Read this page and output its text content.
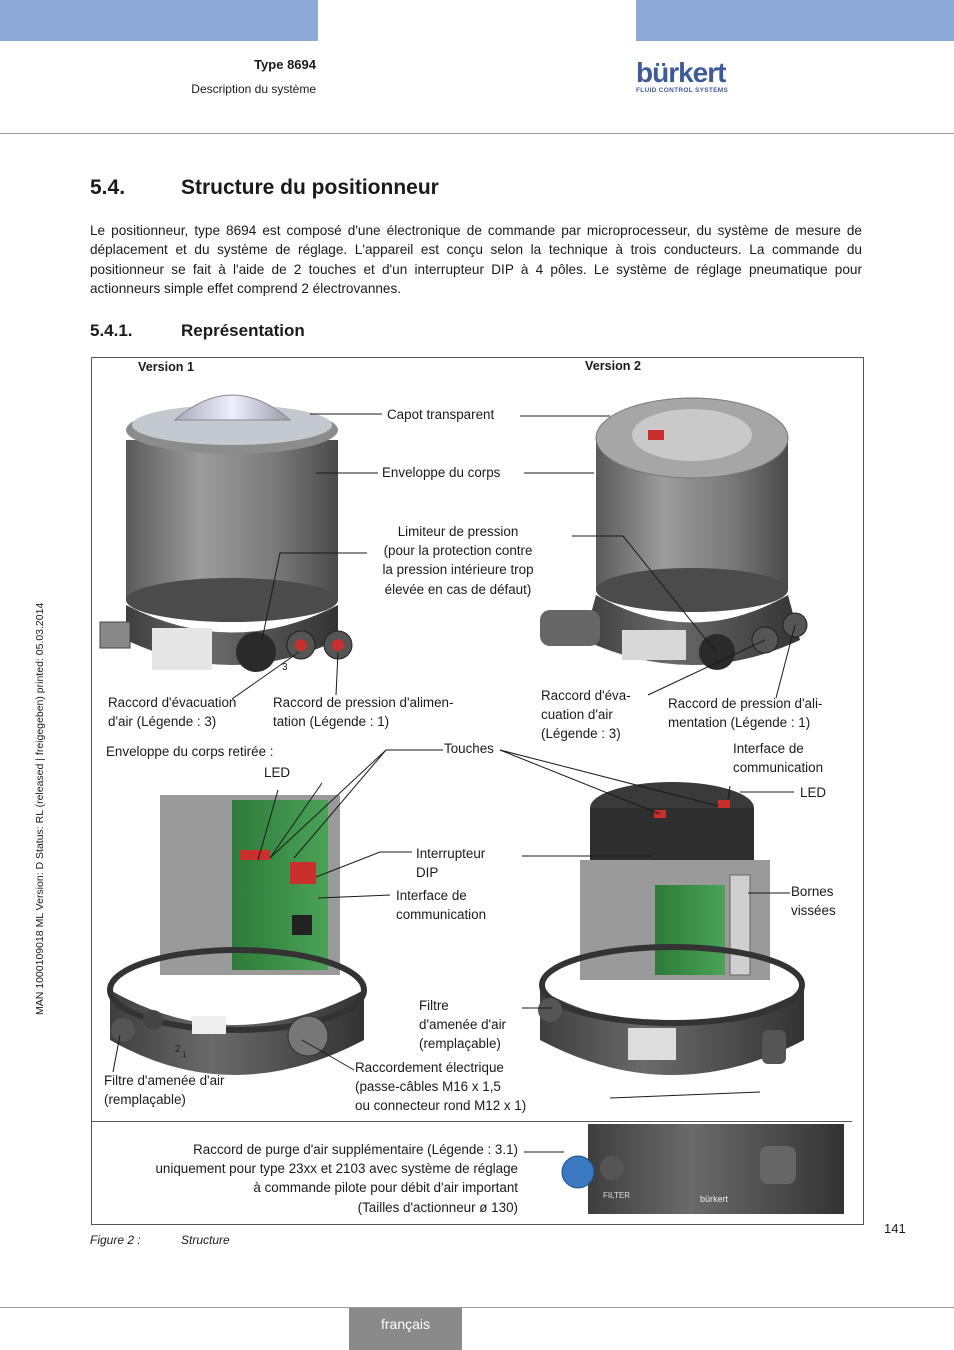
Type 8694
Description du système
bürkert
FLUID CONTROL SYSTEMS
MAN 1000109018 ML Version: D Status: RL (released | freigegeben) printed: 05.03.2014
5.4.	Structure du positionneur

Le positionneur, type 8694 est composé d'une électronique de commande par microprocesseur, du système de mesure de déplacement et du système de réglage. L'appareil est conçu selon la technique à trois conducteurs. La commande du positionneur se fait à l'aide de 2 touches et d'un interrupteur DIP à 4 pôles. Le système de réglage pneumatique pour actionneurs simple effet comprend 2 électrovannes.

5.4.1.	Représentation
Version 1	Version 2
Capot transparent
Enveloppe du corps
Limiteur de pression
(pour la protection contre
la pression intérieure trop
élevée en cas de défaut)
Raccord d'évacuation
d'air (Légende : 3)
Raccord de pression d'alimen-
tation (Légende : 1)
Raccord d'éva-
cuation d'air
(Légende : 3)
Raccord de pression d'ali-
mentation (Légende : 1)
Enveloppe du corps retirée :
LED
Touches	Interface de
communication
LED
Interrupteur
DIP
Interface de
communication
Bornes
vissées
Filtre
d'amenée d'air
(remplaçable)
Filtre d'amenée d'air
(remplaçable)
Raccordement électrique
(passe-câbles M16 x 1,5
ou connecteur rond M12 x 1)
Raccord de purge d'air supplémentaire (Légende : 3.1)
uniquement pour type 23xx et 2103 avec système de réglage
à commande pilote pour débit d'air important
(Tailles d'actionneur ø 130)
3
2 1
FILTER	bürkert
Figure 2 :	Structure
141
français
